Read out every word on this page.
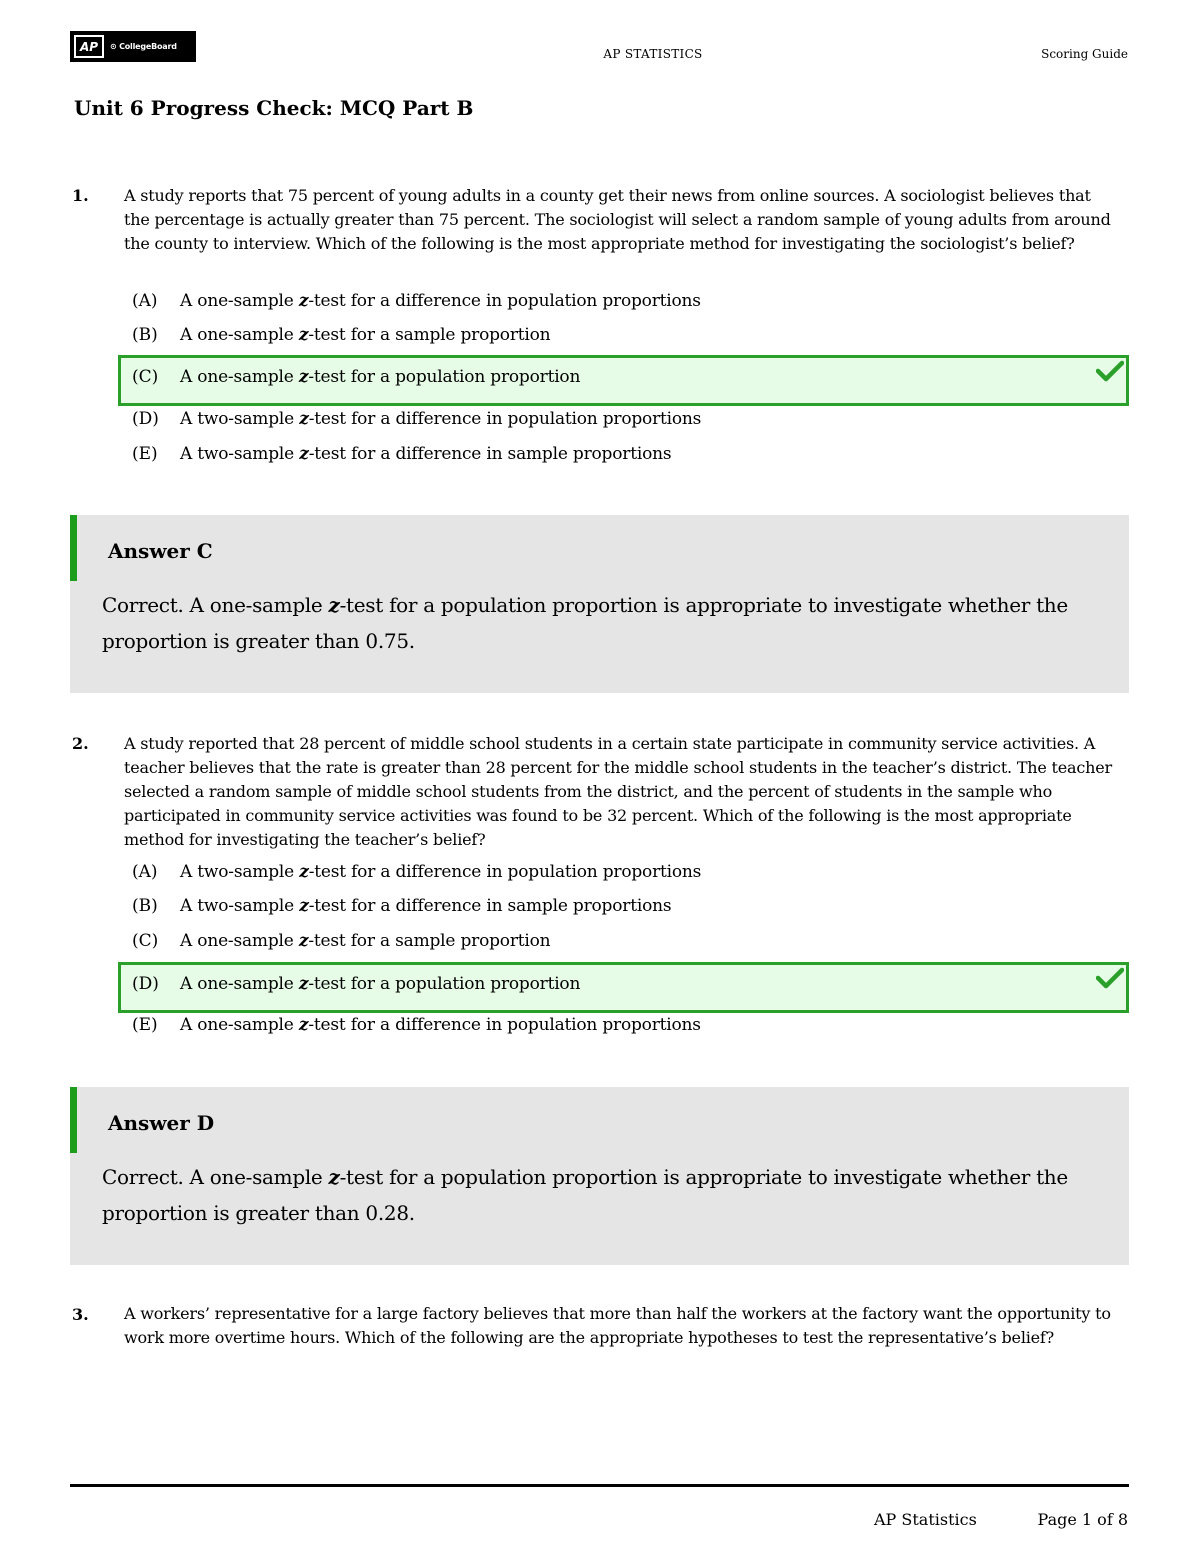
AP	⊙ CollegeBoard
AP STATISTICS	Scoring Guide
Unit 6 Progress Check: MCQ Part B
1. A study reports that 75 percent of young adults in a county get their news from online sources. A sociologist believes that the percentage is actually greater than 75 percent. The sociologist will select a random sample of young adults from around the county to interview. Which of the following is the most appropriate method for investigating the sociologist’s belief?

(A) A one-sample z-test for a difference in population proportions
(B) A one-sample z-test for a sample proportion
(C) A one-sample z-test for a population proportion
(D) A two-sample z-test for a difference in population proportions
(E) A two-sample z-test for a difference in sample proportions
Answer C

Correct. A one-sample z-test for a population proportion is appropriate to investigate whether the proportion is greater than 0.75.

2. A study reported that 28 percent of middle school students in a certain state participate in community service activities. A teacher believes that the rate is greater than 28 percent for the middle school students in the teacher’s district. The teacher selected a random sample of middle school students from the district, and the percent of students in the sample who participated in community service activities was found to be 32 percent. Which of the following is the most appropriate method for investigating the teacher’s belief?

(A) A two-sample z-test for a difference in population proportions
(B) A two-sample z-test for a difference in sample proportions
(C) A one-sample z-test for a sample proportion
(D) A one-sample z-test for a population proportion
(E) A one-sample z-test for a difference in population proportions
Answer D

Correct. A one-sample z-test for a population proportion is appropriate to investigate whether the proportion is greater than 0.28.

3. A workers’ representative for a large factory believes that more than half the workers at the factory want the opportunity to work more overtime hours. Which of the following are the appropriate hypotheses to test the representative’s belief?

AP Statistics	Page 1 of 8
